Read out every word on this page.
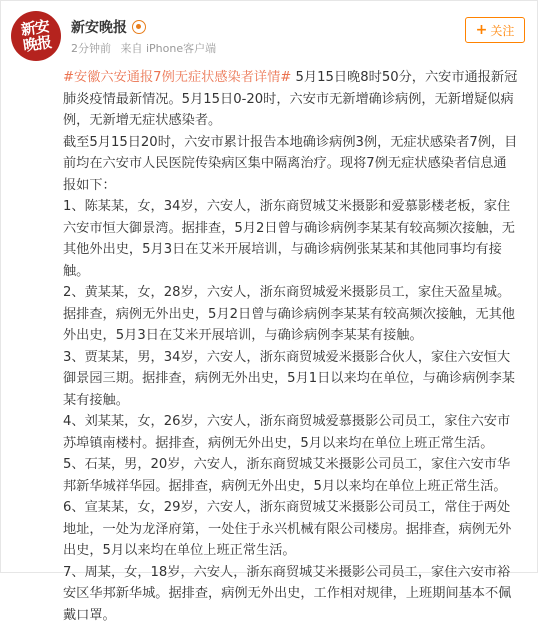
新安晚报
新安晚报
2分钟前 来自 iPhone客户端
+ 关注

#安徽六安通报7例无症状感染者详情# 5月15日晚8时50分，六安市通报新冠肺炎疫情最新情况。5月15日0-20时，六安市无新增确诊病例，无新增疑似病例，无新增无症状感染者。

截至5月15日20时，六安市累计报告本地确诊病例3例，无症状感染者7例，目前均在六安市人民医院传染病区集中隔离治疗。现将7例无症状感染者信息通报如下：

1、陈某某，女，34岁，六安人，浙东商贸城艾米摄影和爱慕影楼老板，家住六安市恒大御景湾。据排查，5月2日曾与确诊病例李某某有较高频次接触，无其他外出史，5月3日在艾米开展培训，与确诊病例张某某和其他同事均有接触。

2、黄某某，女，28岁，六安人，浙东商贸城爱米摄影员工，家住天盈星城。据排查，病例无外出史，5月2日曾与确诊病例李某某有较高频次接触，无其他外出史，5月3日在艾米开展培训，与确诊病例李某某有接触。

3、贾某某，男，34岁，六安人，浙东商贸城爱米摄影合伙人，家住六安恒大御景园三期。据排查，病例无外出史，5月1日以来均在单位，与确诊病例李某某有接触。

4、刘某某，女，26岁，六安人，浙东商贸城爱慕摄影公司员工，家住六安市苏埠镇南楼村。据排查，病例无外出史，5月以来均在单位上班正常生活。

5、石某，男，20岁，六安人，浙东商贸城艾米摄影公司员工，家住六安市华邦新华城祥华园。据排查，病例无外出史，5月以来均在单位上班正常生活。

6、宣某某，女，29岁，六安人，浙东商贸城艾米摄影公司员工，常住于两处地址，一处为龙泽府第，一处住于永兴机械有限公司楼房。据排查，病例无外出史，5月以来均在单位上班正常生活。

7、周某，女，18岁，六安人，浙东商贸城艾米摄影公司员工，家住六安市裕安区华邦新华城。据排查，病例无外出史，工作相对规律，上班期间基本不佩戴口罩。
